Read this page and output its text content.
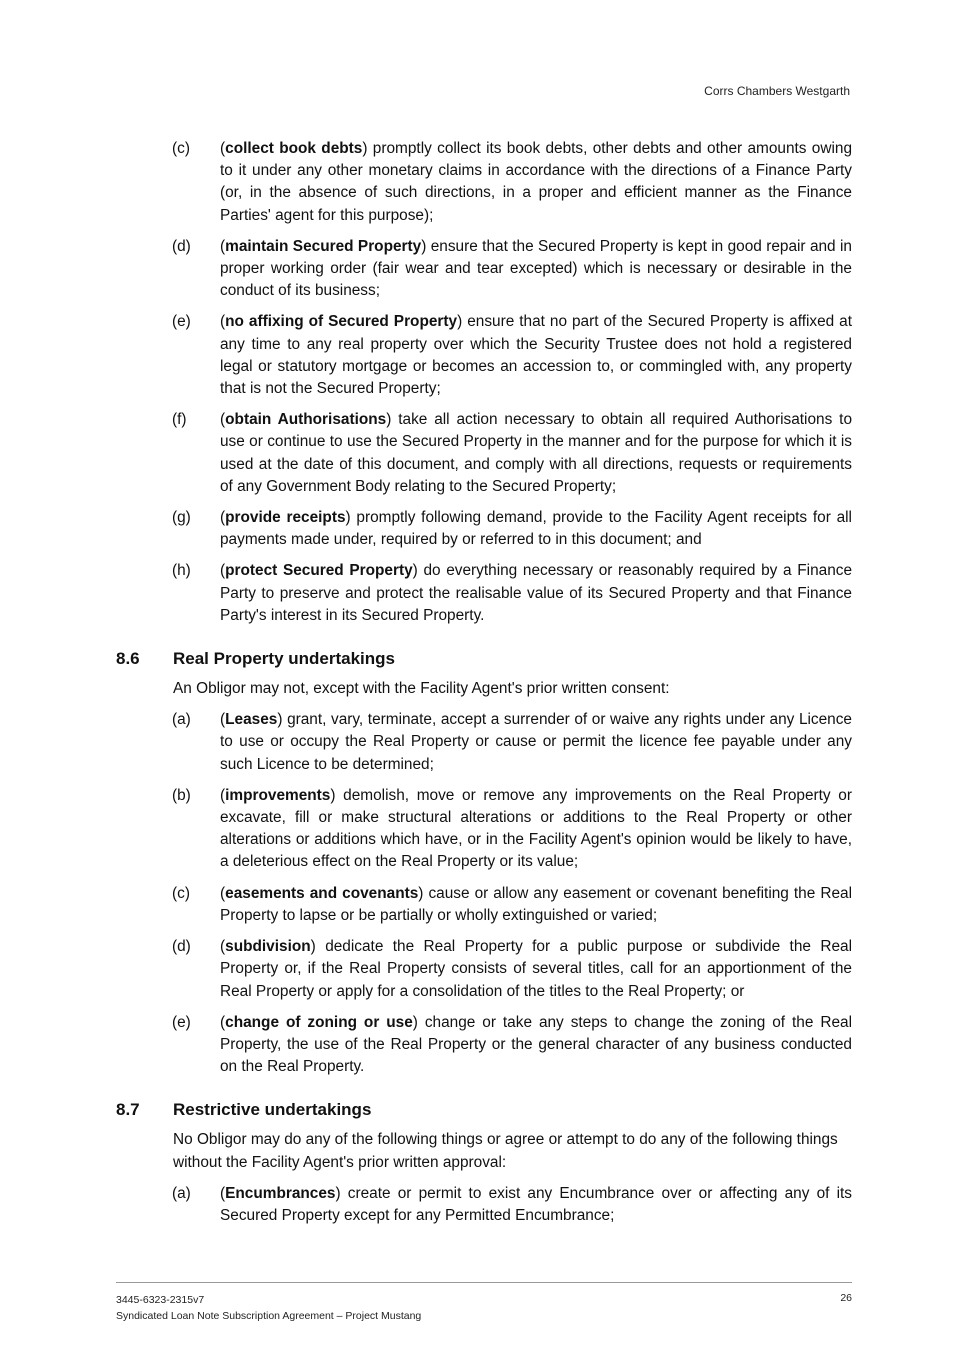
Corrs Chambers Westgarth
(c) (collect book debts) promptly collect its book debts, other debts and other amounts owing to it under any other monetary claims in accordance with the directions of a Finance Party (or, in the absence of such directions, in a proper and efficient manner as the Finance Parties' agent for this purpose);
(d) (maintain Secured Property) ensure that the Secured Property is kept in good repair and in proper working order (fair wear and tear excepted) which is necessary or desirable in the conduct of its business;
(e) (no affixing of Secured Property) ensure that no part of the Secured Property is affixed at any time to any real property over which the Security Trustee does not hold a registered legal or statutory mortgage or becomes an accession to, or commingled with, any property that is not the Secured Property;
(f) (obtain Authorisations) take all action necessary to obtain all required Authorisations to use or continue to use the Secured Property in the manner and for the purpose for which it is used at the date of this document, and comply with all directions, requests or requirements of any Government Body relating to the Secured Property;
(g) (provide receipts) promptly following demand, provide to the Facility Agent receipts for all payments made under, required by or referred to in this document; and
(h) (protect Secured Property) do everything necessary or reasonably required by a Finance Party to preserve and protect the realisable value of its Secured Property and that Finance Party's interest in its Secured Property.
8.6 Real Property undertakings
An Obligor may not, except with the Facility Agent's prior written consent:
(a) (Leases) grant, vary, terminate, accept a surrender of or waive any rights under any Licence to use or occupy the Real Property or cause or permit the licence fee payable under any such Licence to be determined;
(b) (improvements) demolish, move or remove any improvements on the Real Property or excavate, fill or make structural alterations or additions to the Real Property or other alterations or additions which have, or in the Facility Agent's opinion would be likely to have, a deleterious effect on the Real Property or its value;
(c) (easements and covenants) cause or allow any easement or covenant benefiting the Real Property to lapse or be partially or wholly extinguished or varied;
(d) (subdivision) dedicate the Real Property for a public purpose or subdivide the Real Property or, if the Real Property consists of several titles, call for an apportionment of the Real Property or apply for a consolidation of the titles to the Real Property; or
(e) (change of zoning or use) change or take any steps to change the zoning of the Real Property, the use of the Real Property or the general character of any business conducted on the Real Property.
8.7 Restrictive undertakings
No Obligor may do any of the following things or agree or attempt to do any of the following things without the Facility Agent's prior written approval:
(a) (Encumbrances) create or permit to exist any Encumbrance over or affecting any of its Secured Property except for any Permitted Encumbrance;
3445-6323-2315v7
Syndicated Loan Note Subscription Agreement – Project Mustang
26
